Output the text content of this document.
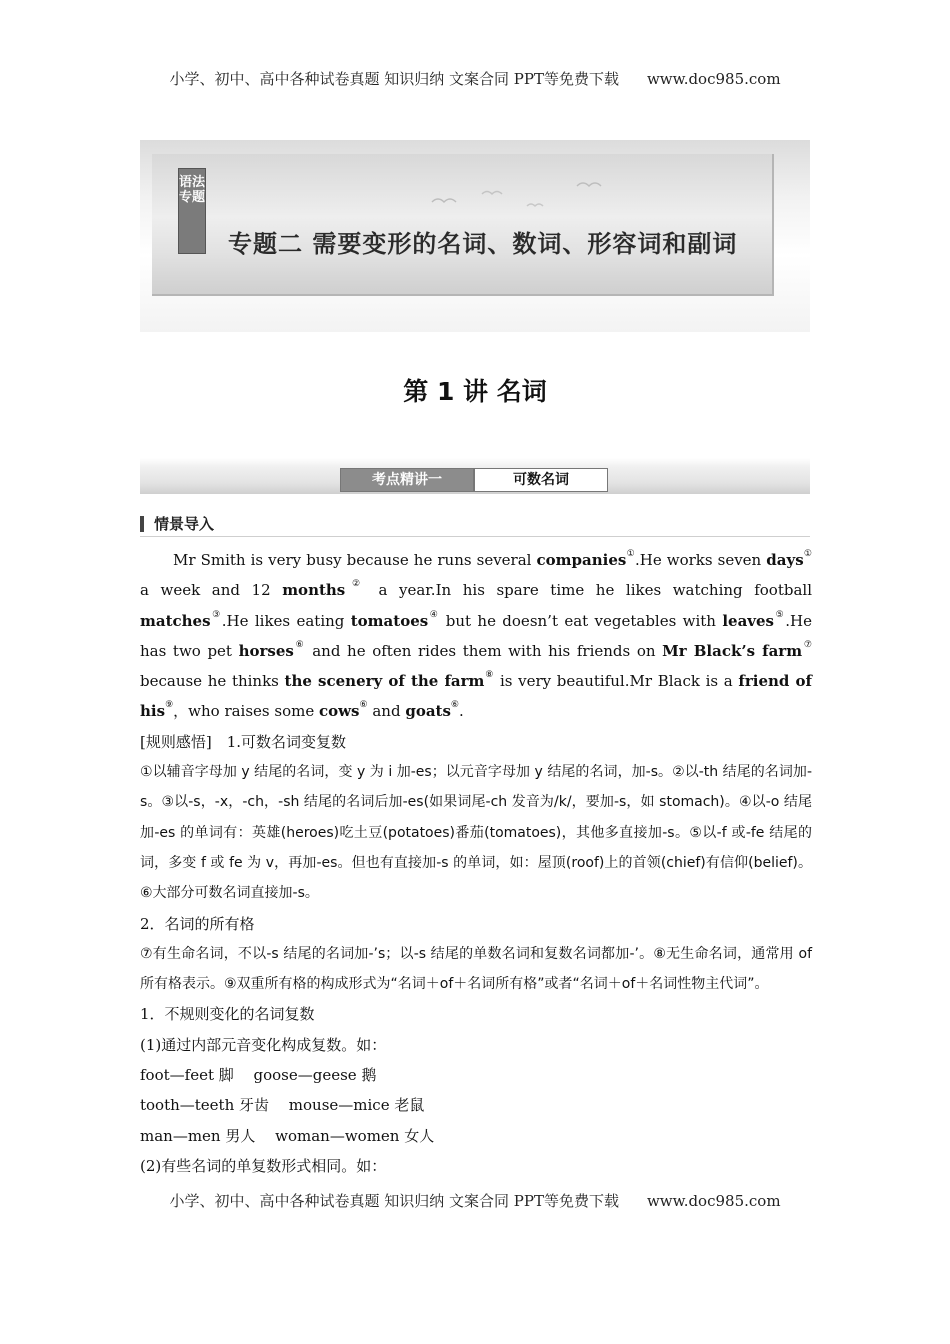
小学、初中、高中各种试卷真题 知识归纳 文案合同 PPT等免费下载 www.doc985.com
语法专题
专题二 需要变形的名词、数词、形容词和副词
第 1 讲 名词
考点精讲一	可数名词
情景导入

Mr Smith is very busy because he runs several companies①.He works seven days① a week and 12 months② a year.In his spare time he likes watching football matches③.He likes eating tomatoes④ but he doesn’t eat vegetables with leaves⑤.He has two pet horses⑥ and he often rides them with his friends on Mr Black’s farm⑦ because he thinks the scenery of the farm⑧ is very beautiful.Mr Black is a friend of his⑨，who raises some cows⑥ and goats⑥.

[规则感悟]　1.可数名词变复数

①以辅音字母加 y 结尾的名词，变 y 为 i 加-es；以元音字母加 y 结尾的名词，加-s。②以-th 结尾的名词加-s。③以-s，-x，-ch，-sh 结尾的名词后加-es(如果词尾-ch 发音为/k/，要加-s，如 stomach)。④以-o 结尾加-es 的单词有：英雄(heroes)吃土豆(potatoes)番茄(tomatoes)，其他多直接加-s。⑤以-f 或-fe 结尾的词，多变 f 或 fe 为 v，再加-es。但也有直接加-s 的单词，如：屋顶(roof)上的首领(chief)有信仰(belief)。⑥大部分可数名词直接加-s。

2．名词的所有格

⑦有生命名词，不以-s 结尾的名词加-’s；以-s 结尾的单数名词和复数名词都加-’。⑧无生命名词，通常用 of 所有格表示。⑨双重所有格的构成形式为“名词＋of＋名词所有格”或者“名词＋of＋名词性物主代词”。

1．不规则变化的名词复数

(1)通过内部元音变化构成复数。如：

foot—feet 脚　 goose—geese 鹅

tooth—teeth 牙齿　 mouse—mice 老鼠

man—men 男人　 woman—women 女人

(2)有些名词的单复数形式相同。如：

小学、初中、高中各种试卷真题 知识归纳 文案合同 PPT等免费下载 www.doc985.com
